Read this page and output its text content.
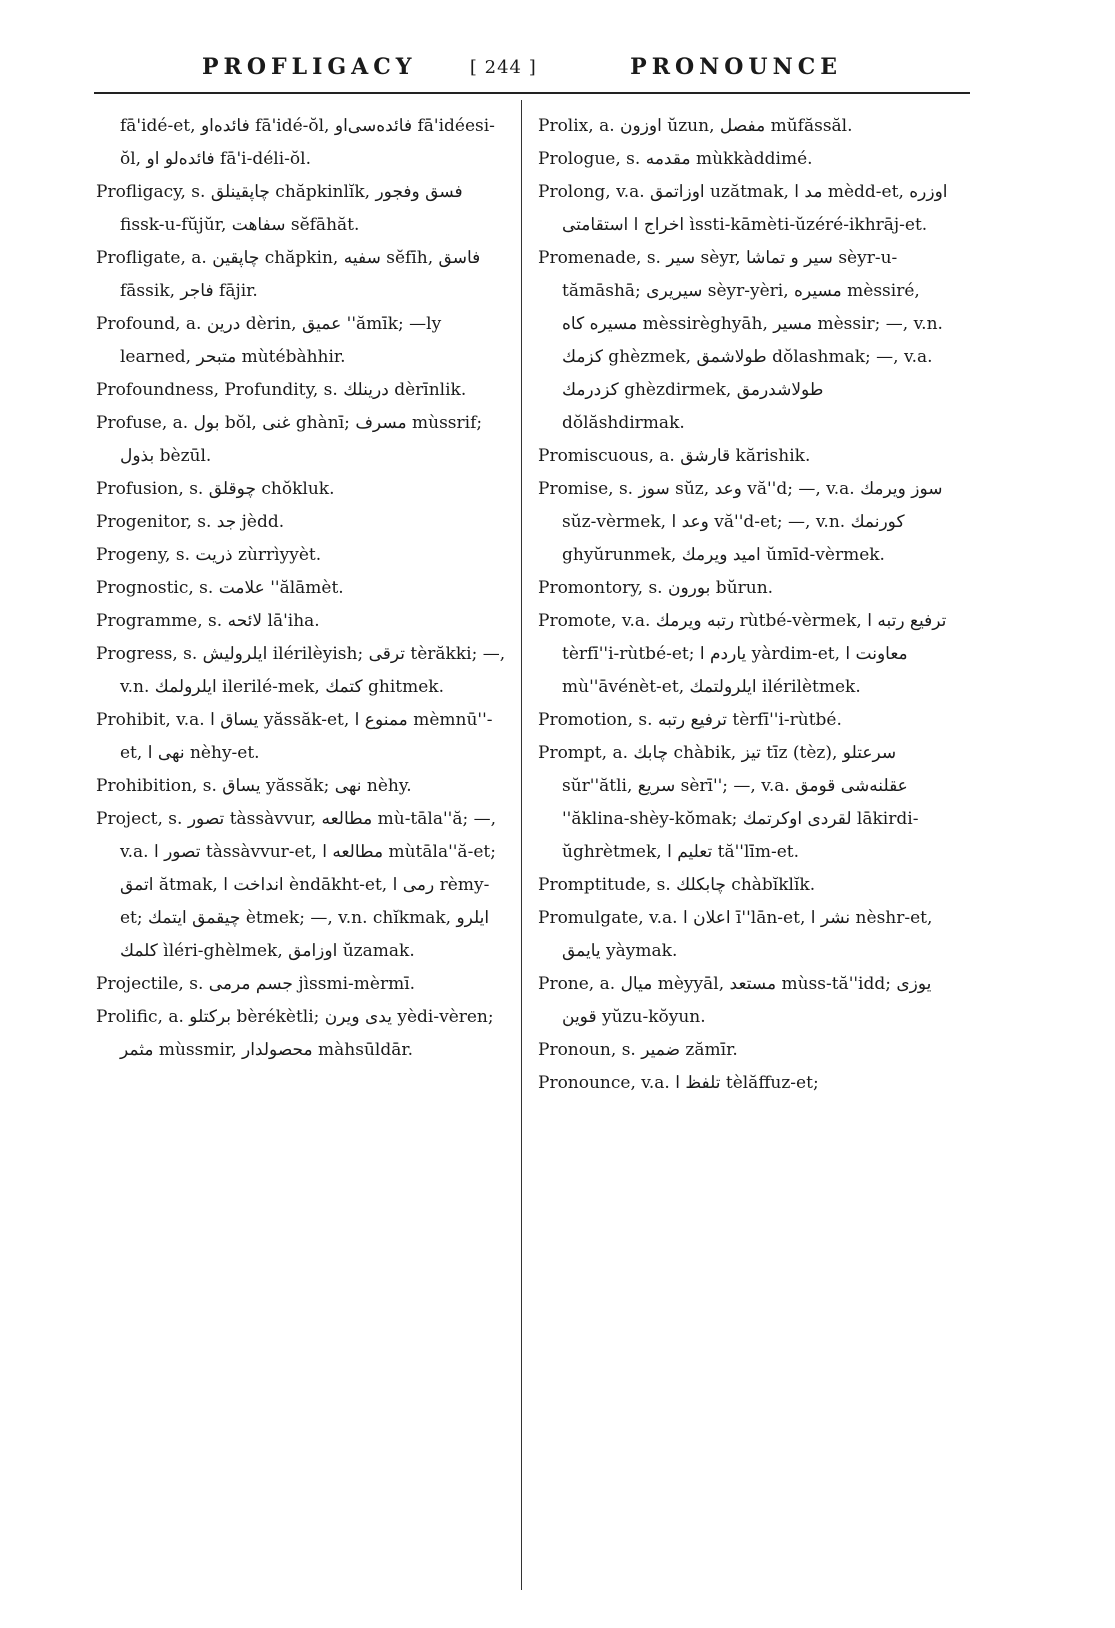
PROFLIGACY	[ 244 ]	PRONOUNCE

fā'idé-et, فائده‌او fā'idé-ŏl, فائده‌سی‌او fā'idéesi-ŏl, فائده‌لو او fā'i-déli-ŏl.

Profligacy, s. چاپقینلق chăpkinlĭk, فسق وفجور fissk-u-fŭjŭr, سفاهت sĕfāhăt.

Profligate, a. چاپقین chăpkin, سفیه sĕfīh, فاسق fāssik, فاجر fājir.

Profound, a. درین dèrin, عمیق ''ămīk; —ly learned, متبحر mùtébàhhir.

Profoundness, Profundity, s. درینلك dèrīnlik.

Profuse, a. بول bŏl, غنی ghànī; مسرف mùssrif; بذول bèzūl.

Profusion, s. چوقلق chŏkluk.

Progenitor, s. جد jèdd.

Progeny, s. ذریت zùrrìyyèt.

Prognostic, s. علامت ''ălāmèt.

Programme, s. لائحه lā'iha.

Progress, s. ایلرولیش ilérilèyish; ترقی tèrăkki; —, v.n. ایلرولمك ilerilé-mek, كتمك ghitmek.

Prohibit, v.a. یساق ا yăssăk-et, ممنوع ا mèmnū''-et, نهی ا nèhy-et.

Prohibition, s. یساق yăssăk; نهی nèhy.

Project, s. تصور tàssàvvur, مطالعه mù-tāla''ă; —, v.a. تصور ا tàssàvvur-et, مطالعه ا mùtāla''ă-et; اتمق ătmak, انداخت ا èndākht-et, رمی ا rèmy-et; چیقمق ایتمك ètmek; —, v.n. chĭkmak, ایلرو كلمك ìléri-ghèlmek, اوزامق ŭzamak.

Projectile, s. جسم مرمی jìssmi-mèrmī.

Prolific, a. بركتلو bèrékètli; یدی ویرن yèdi-vèren; مثمر mùssmir, محصولدار màhsūldār.

Prolix, a. اوزون ŭzun, مفصل mŭfăssăl.

Prologue, s. مقدمه mùkkàddimé.

Prolong, v.a. اوزاتمق uzătmak, مد ا mèdd-et, اوزره اخراج ا استقامتی ìssti-kāmèti-ŭzéré-ikhrāj-et.

Promenade, s. سیر sèyr, سیر و تماشا sèyr-u-tămāshā; سیریری sèyr-yèri, مسیره mèssiré, مسیره كاه mèssirèghyāh, مسیر mèssir; —, v.n. كزمك ghèzmek, طولاشمق dŏlashmak; —, v.a. كزدرمك ghèzdirmek, طولاشدرمق dŏlăshdirmak.

Promiscuous, a. قارشق kărishik.

Promise, s. سوز sŭz, وعد vă''d; —, v.a. سوز ویرمك sŭz-vèrmek, وعد ا vă''d-et; —, v.n. كورنمك ghyŭrunmek, امید ویرمك ŭmīd-vèrmek.

Promontory, s. بورون bŭrun.

Promote, v.a. رتبه ویرمك rùtbé-vèrmek, ترفیع رتبه ا tèrfī''i-rùtbé-et; یاردم ا yàrdim-et, معاونت ا mù''āvénèt-et, ایلرولتمك ilérilètmek.

Promotion, s. ترفیع رتبه tèrfī''i-rùtbé.

Prompt, a. چابك chàbik, تیز tīz (tèz), سرعتلو sŭr''ătli, سریع sèrī''; —, v.a. عقلنه‌شی قومق ''ăklina-shèy-kŏmak; لقردی اوكرتمك lākirdi-ŭghrètmek, تعلیم ا tă''līm-et.

Promptitude, s. چابكلك chàbĭklĭk.

Promulgate, v.a. اعلان ا ī''lān-et, نشر ا nèshr-et, یایمق yàymak.

Prone, a. میال mèyyāl, مستعد mùss-tă''idd; یوزی قوین yŭzu-kŏyun.

Pronoun, s. ضمیر zămīr.

Pronounce, v.a. تلفظ ا tèlăffuz-et;
